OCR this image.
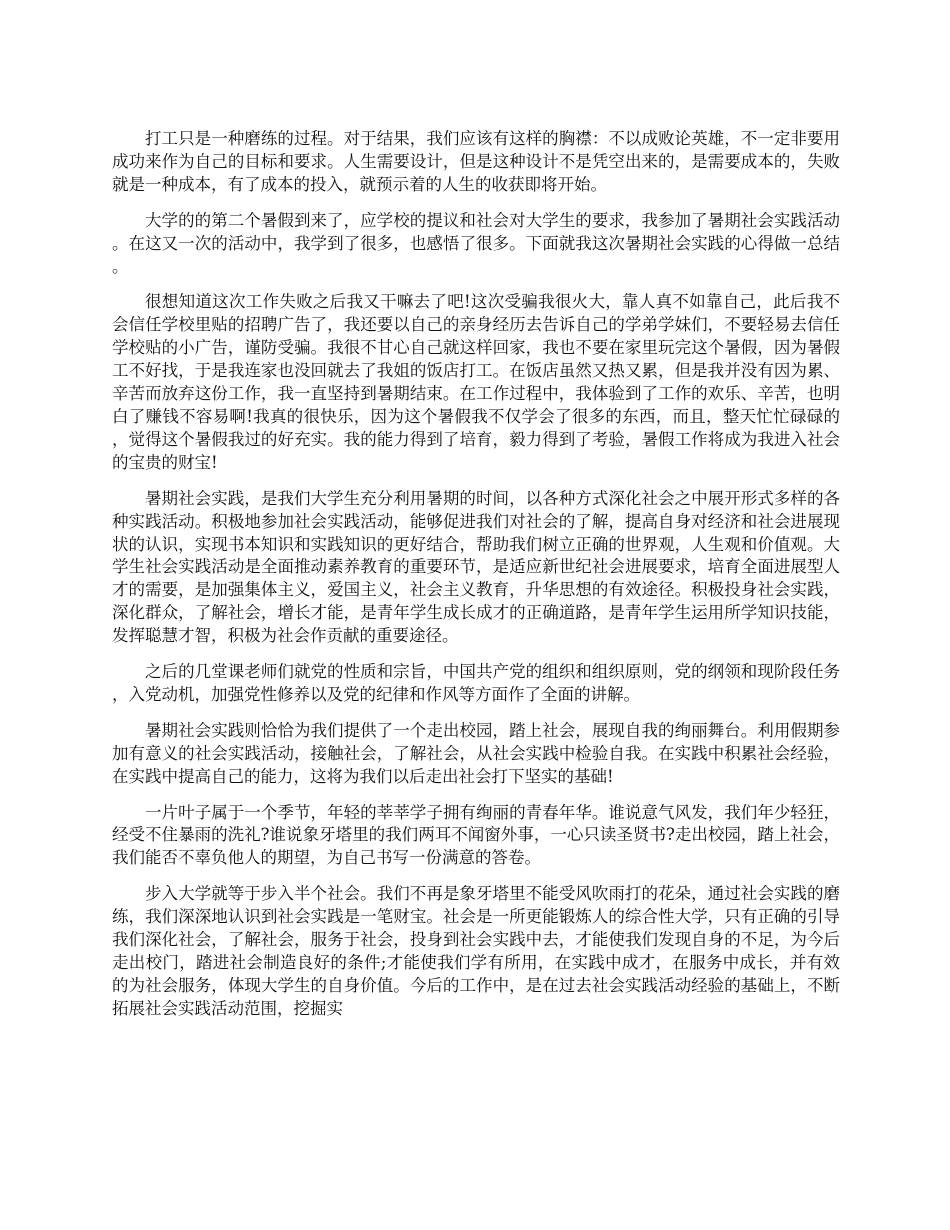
打工只是一种磨练的过程。对于结果，我们应该有这样的胸襟：不以成败论英雄，不一定非要用成功来作为自己的目标和要求。人生需要设计，但是这种设计不是凭空出来的，是需要成本的，失败就是一种成本，有了成本的投入，就预示着的人生的收获即将开始。

大学的的第二个暑假到来了，应学校的提议和社会对大学生的要求，我参加了暑期社会实践活动。在这又一次的活动中，我学到了很多，也感悟了很多。下面就我这次暑期社会实践的心得做一总结。

很想知道这次工作失败之后我又干嘛去了吧!这次受骗我很火大，靠人真不如靠自己，此后我不会信任学校里贴的招聘广告了，我还要以自己的亲身经历去告诉自己的学弟学妹们，不要轻易去信任学校贴的小广告，谨防受骗。我很不甘心自己就这样回家，我也不要在家里玩完这个暑假，因为暑假工不好找，于是我连家也没回就去了我姐的饭店打工。在饭店虽然又热又累，但是我并没有因为累、辛苦而放弃这份工作，我一直坚持到暑期结束。在工作过程中，我体验到了工作的欢乐、辛苦，也明白了赚钱不容易啊!我真的很快乐，因为这个暑假我不仅学会了很多的东西，而且，整天忙忙碌碌的，觉得这个暑假我过的好充实。我的能力得到了培育，毅力得到了考验，暑假工作将成为我进入社会的宝贵的财宝!

暑期社会实践，是我们大学生充分利用暑期的时间，以各种方式深化社会之中展开形式多样的各种实践活动。积极地参加社会实践活动，能够促进我们对社会的了解，提高自身对经济和社会进展现状的认识，实现书本知识和实践知识的更好结合，帮助我们树立正确的世界观，人生观和价值观。大学生社会实践活动是全面推动素养教育的重要环节，是适应新世纪社会进展要求，培育全面进展型人才的需要，是加强集体主义，爱国主义，社会主义教育，升华思想的有效途径。积极投身社会实践，深化群众，了解社会，增长才能，是青年学生成长成才的正确道路，是青年学生运用所学知识技能，发挥聪慧才智，积极为社会作贡献的重要途径。

之后的几堂课老师们就党的性质和宗旨，中国共产党的组织和组织原则，党的纲领和现阶段任务，入党动机，加强党性修养以及党的纪律和作风等方面作了全面的讲解。

暑期社会实践则恰恰为我们提供了一个走出校园，踏上社会，展现自我的绚丽舞台。利用假期参加有意义的社会实践活动，接触社会，了解社会，从社会实践中检验自我。在实践中积累社会经验，在实践中提高自己的能力，这将为我们以后走出社会打下坚实的基础!

一片叶子属于一个季节，年轻的莘莘学子拥有绚丽的青春年华。谁说意气风发，我们年少轻狂，经受不住暴雨的洗礼?谁说象牙塔里的我们两耳不闻窗外事，一心只读圣贤书?走出校园，踏上社会，我们能否不辜负他人的期望，为自己书写一份满意的答卷。

步入大学就等于步入半个社会。我们不再是象牙塔里不能受风吹雨打的花朵，通过社会实践的磨练，我们深深地认识到社会实践是一笔财宝。社会是一所更能锻炼人的综合性大学，只有正确的引导我们深化社会，了解社会，服务于社会，投身到社会实践中去，才能使我们发现自身的不足，为今后走出校门，踏进社会制造良好的条件;才能使我们学有所用，在实践中成才，在服务中成长，并有效的为社会服务，体现大学生的自身价值。今后的工作中，是在过去社会实践活动经验的基础上，不断拓展社会实践活动范围，挖掘实
